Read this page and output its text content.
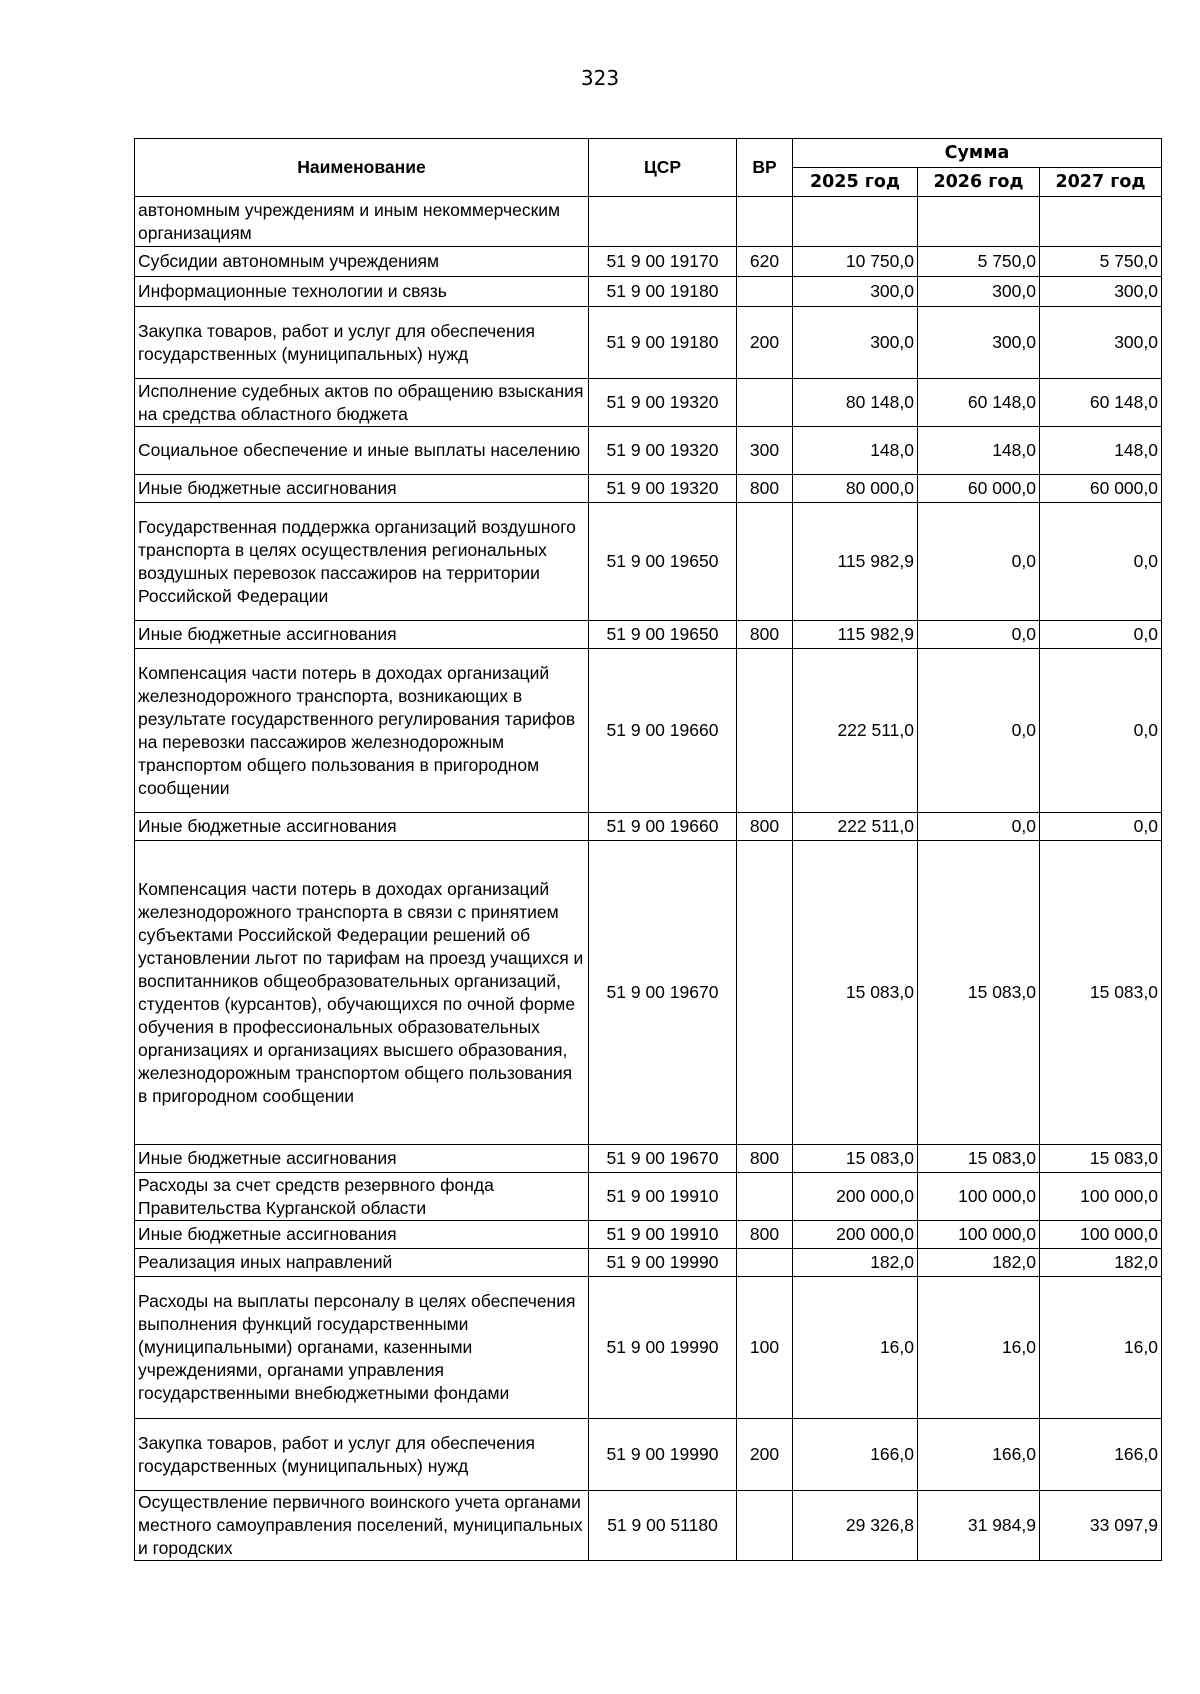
323
Наименование	ЦСР	ВР	Сумма		
			2025 год	2026 год	2027 год
автономным учреждениям и иным некоммерческим организациям					
Субсидии автономным учреждениям	51 9 00 19170	620	10 750,0	5 750,0	5 750,0
Информационные технологии и связь	51 9 00 19180		300,0	300,0	300,0
Закупка товаров, работ и услуг для обеспечения государственных (муниципальных) нужд	51 9 00 19180	200	300,0	300,0	300,0
Исполнение судебных актов по обращению взыскания на средства областного бюджета	51 9 00 19320		80 148,0	60 148,0	60 148,0
Социальное обеспечение и иные выплаты населению	51 9 00 19320	300	148,0	148,0	148,0
Иные бюджетные ассигнования	51 9 00 19320	800	80 000,0	60 000,0	60 000,0
Государственная поддержка организаций воздушного транспорта в целях осуществления региональных воздушных перевозок пассажиров на территории Российской Федерации	51 9 00 19650		115 982,9	0,0	0,0
Иные бюджетные ассигнования	51 9 00 19650	800	115 982,9	0,0	0,0
Компенсация части потерь в доходах организаций железнодорожного транспорта, возникающих в результате государственного регулирования тарифов на перевозки пассажиров железнодорожным транспортом общего пользования в пригородном сообщении	51 9 00 19660		222 511,0	0,0	0,0
Иные бюджетные ассигнования	51 9 00 19660	800	222 511,0	0,0	0,0
Компенсация части потерь в доходах организаций железнодорожного транспорта в связи с принятием субъектами Российской Федерации решений об установлении льгот по тарифам на проезд учащихся и воспитанников общеобразовательных организаций, студентов (курсантов), обучающихся по очной форме обучения в профессиональных образовательных организациях и организациях высшего образования, железнодорожным транспортом общего пользования в пригородном сообщении	51 9 00 19670		15 083,0	15 083,0	15 083,0
Иные бюджетные ассигнования	51 9 00 19670	800	15 083,0	15 083,0	15 083,0
Расходы за счет средств резервного фонда Правительства Курганской области	51 9 00 19910		200 000,0	100 000,0	100 000,0
Иные бюджетные ассигнования	51 9 00 19910	800	200 000,0	100 000,0	100 000,0
Реализация иных направлений	51 9 00 19990		182,0	182,0	182,0
Расходы на выплаты персоналу в целях обеспечения выполнения функций государственными (муниципальными) органами, казенными учреждениями, органами управления государственными внебюджетными фондами	51 9 00 19990	100	16,0	16,0	16,0
Закупка товаров, работ и услуг для обеспечения государственных (муниципальных) нужд	51 9 00 19990	200	166,0	166,0	166,0
Осуществление первичного воинского учета органами местного самоуправления поселений, муниципальных и городских	51 9 00 51180		29 326,8	31 984,9	33 097,9
